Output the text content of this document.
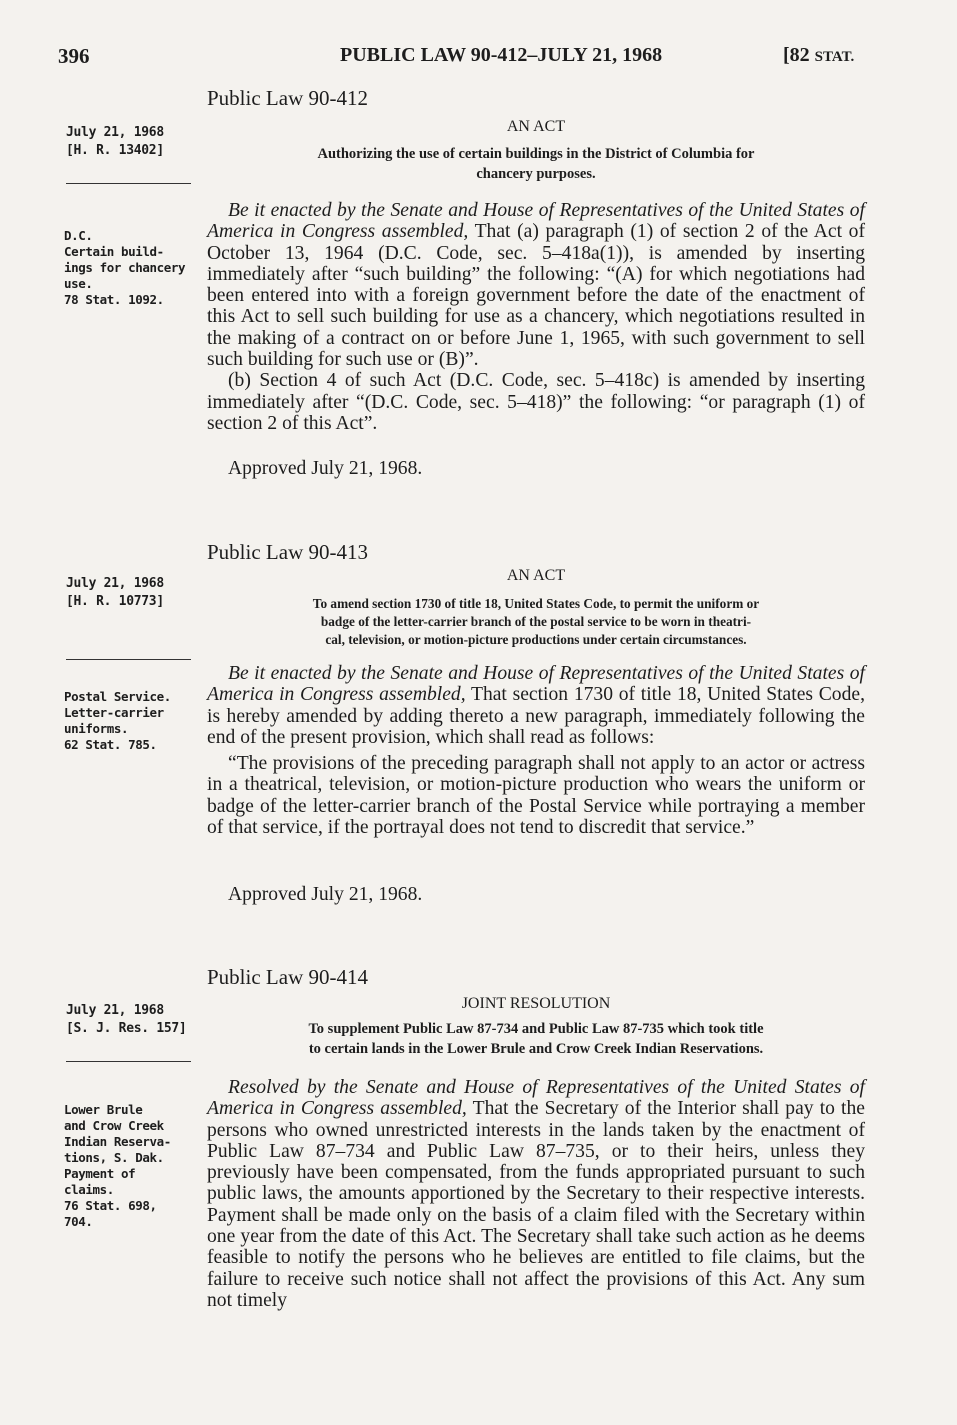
396	PUBLIC LAW 90-412–JULY 21, 1968	[82 STAT.
Public Law 90-412
AN ACT
July 21, 1968
[H. R. 13402]	Authorizing the use of certain buildings in the District of Columbia for
chancery purposes.
D.C.
Certain build-
ings for chancery
use.
78 Stat. 1092.

Be it enacted by the Senate and House of Representatives of the United States of America in Congress assembled, That (a) paragraph (1) of section 2 of the Act of October 13, 1964 (D.C. Code, sec. 5–418a(1)), is amended by inserting immediately after “such building” the following: “(A) for which negotiations had been entered into with a foreign government before the date of the enactment of this Act to sell such building for use as a chancery, which negotiations resulted in the making of a contract on or before June 1, 1965, with such government to sell such building for such use or (B)”.

(b) Section 4 of such Act (D.C. Code, sec. 5–418c) is amended by inserting immediately after “(D.C. Code, sec. 5–418)” the following: “or paragraph (1) of section 2 of this Act”.

Approved July 21, 1968.
Public Law 90-413
AN ACT
July 21, 1968
[H. R. 10773]	To amend section 1730 of title 18, United States Code, to permit the uniform or
badge of the letter-carrier branch of the postal service to be worn in theatri-
cal, television, or motion-picture productions under certain circumstances.
Postal Service.
Letter-carrier
uniforms.
62 Stat. 785.

Be it enacted by the Senate and House of Representatives of the United States of America in Congress assembled, That section 1730 of title 18, United States Code, is hereby amended by adding thereto a new paragraph, immediately following the end of the present provision, which shall read as follows:

“The provisions of the preceding paragraph shall not apply to an actor or actress in a theatrical, television, or motion-picture production who wears the uniform or badge of the letter-carrier branch of the Postal Service while portraying a member of that service, if the portrayal does not tend to discredit that service.”

Approved July 21, 1968.
Public Law 90-414
JOINT RESOLUTION
July 21, 1968
[S. J. Res. 157]	To supplement Public Law 87-734 and Public Law 87-735 which took title
to certain lands in the Lower Brule and Crow Creek Indian Reservations.
Lower Brule
and Crow Creek
Indian Reserva-
tions, S. Dak.
Payment of
claims.
76 Stat. 698,
704.

Resolved by the Senate and House of Representatives of the United States of America in Congress assembled, That the Secretary of the Interior shall pay to the persons who owned unrestricted interests in the lands taken by the enactment of Public Law 87–734 and Public Law 87–735, or to their heirs, unless they previously have been compensated, from the funds appropriated pursuant to such public laws, the amounts apportioned by the Secretary to their respective interests. Payment shall be made only on the basis of a claim filed with the Secretary within one year from the date of this Act. The Secretary shall take such action as he deems feasible to notify the persons who he believes are entitled to file claims, but the failure to receive such notice shall not affect the provisions of this Act. Any sum not timely
